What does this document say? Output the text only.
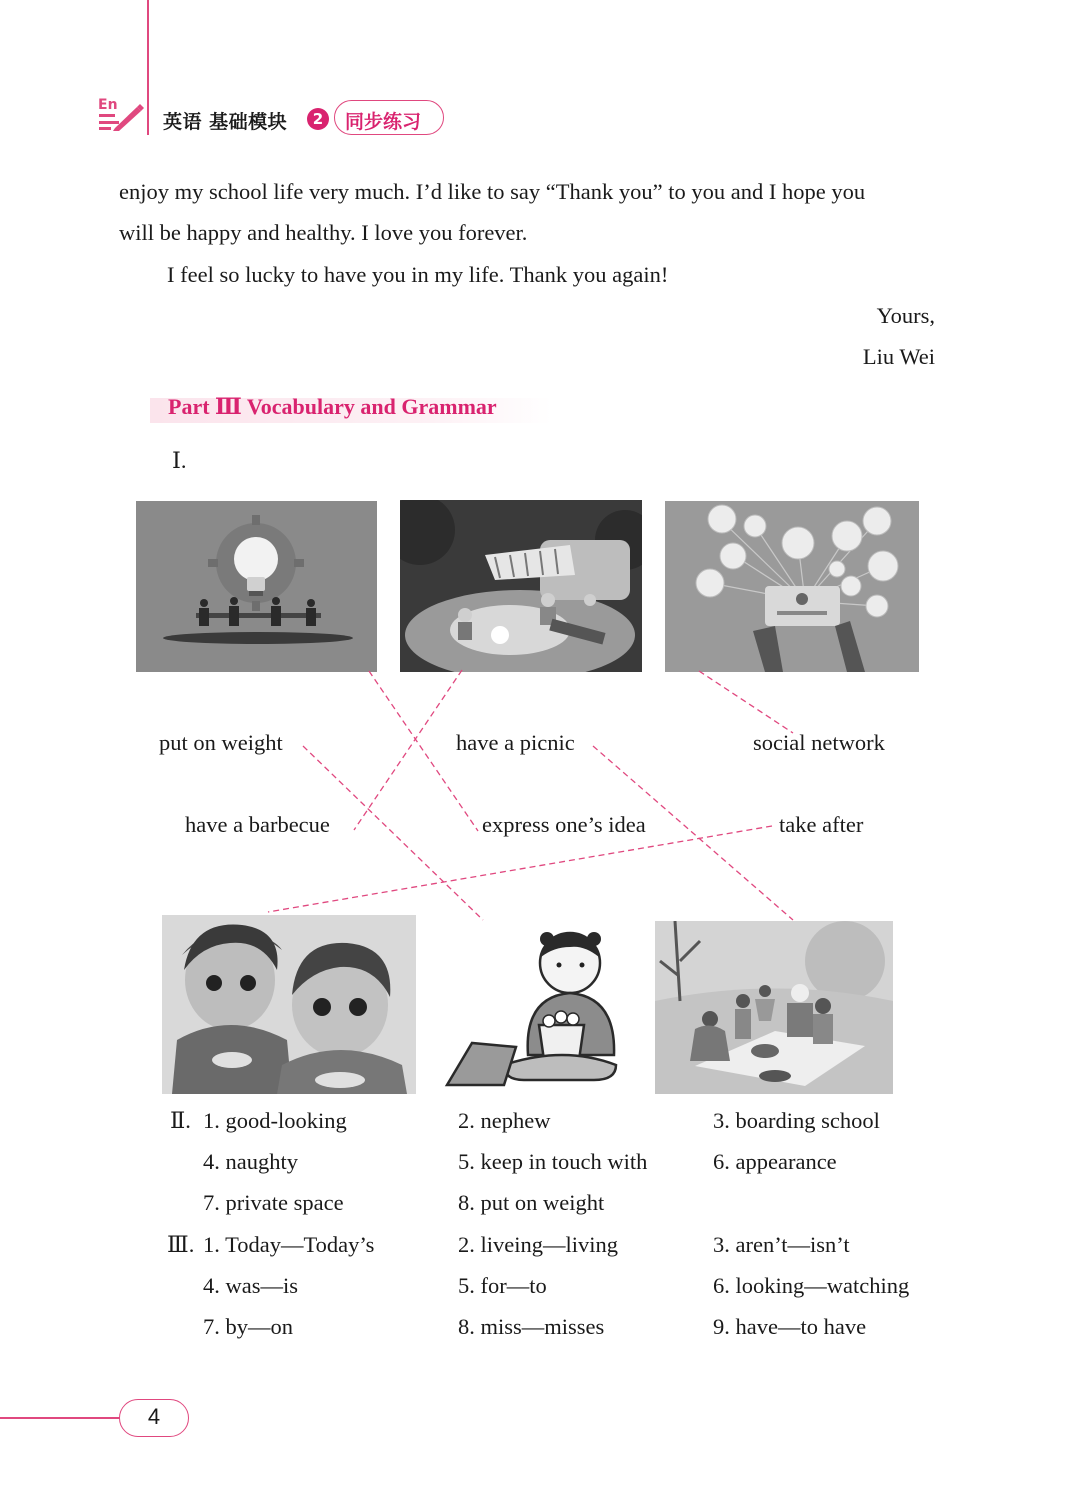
En
英语 基础模块	2	同步练习
enjoy my school life very much. I’d like to say “Thank you” to you and I hope you
will be happy and healthy. I love you forever.
I feel so lucky to have you in my life. Thank you again!
Yours,
Liu Wei
Part Ⅲ Vocabulary and Grammar
Ⅰ.
put on weight	have a picnic	social network
have a barbecue	express one’s idea	take after
Ⅱ. 1. good-looking	2. nephew	3. boarding school
4. naughty	5. keep in touch with	6. appearance
7. private space	8. put on weight
Ⅲ. 1. Today—Today’s	2. liveing—living	3. aren’t—isn’t
4. was—is	5. for—to	6. looking—watching
7. by—on	8. miss—misses	9. have—to have
4
